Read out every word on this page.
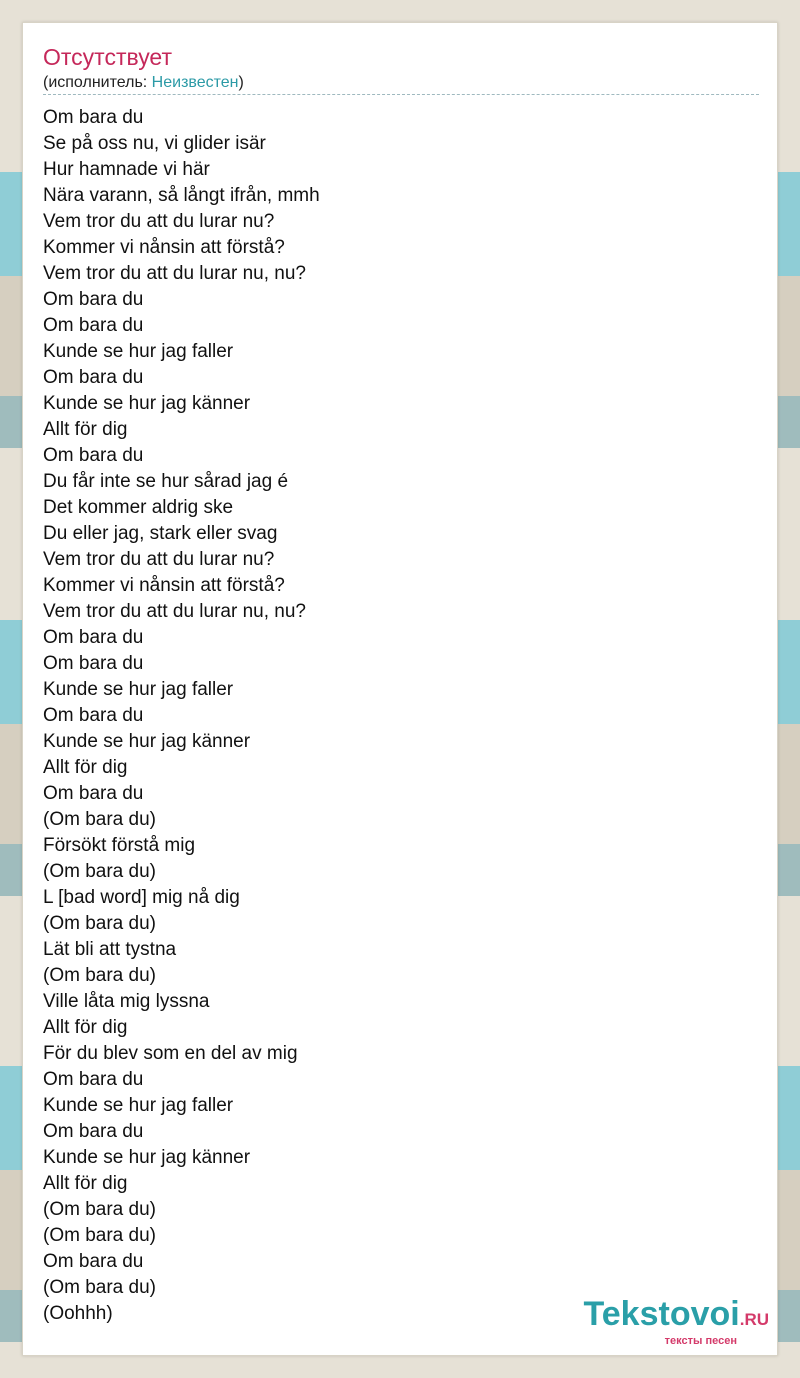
Отсутствует
(исполнитель: Неизвестен)
Om bara du
Se på oss nu, vi glider isär
Hur hamnade vi här
Nära varann, så långt ifrån, mmh
Vem tror du att du lurar nu?
Kommer vi nånsin att förstå?
Vem tror du att du lurar nu, nu?
Om bara du
Om bara du
Kunde se hur jag faller
Om bara du
Kunde se hur jag känner
Allt för dig
Om bara du
Du får inte se hur sårad jag é
Det kommer aldrig ske
Du eller jag, stark eller svag
Vem tror du att du lurar nu?
Kommer vi nånsin att förstå?
Vem tror du att du lurar nu, nu?
Om bara du
Om bara du
Kunde se hur jag faller
Om bara du
Kunde se hur jag känner
Allt för dig
Om bara du
(Om bara du)
Försökt förstå mig
(Om bara du)
L [bad word] mig nå dig
(Om bara du)
Lät bli att tystna
(Om bara du)
Ville låta mig lyssna
Allt för dig
För du blev som en del av mig
Om bara du
Kunde se hur jag faller
Om bara du
Kunde se hur jag känner
Allt för dig
(Om bara du)
(Om bara du)
Om bara du
(Om bara du)
(Oohhh)	Tekstovoi.RU
тексты песен
